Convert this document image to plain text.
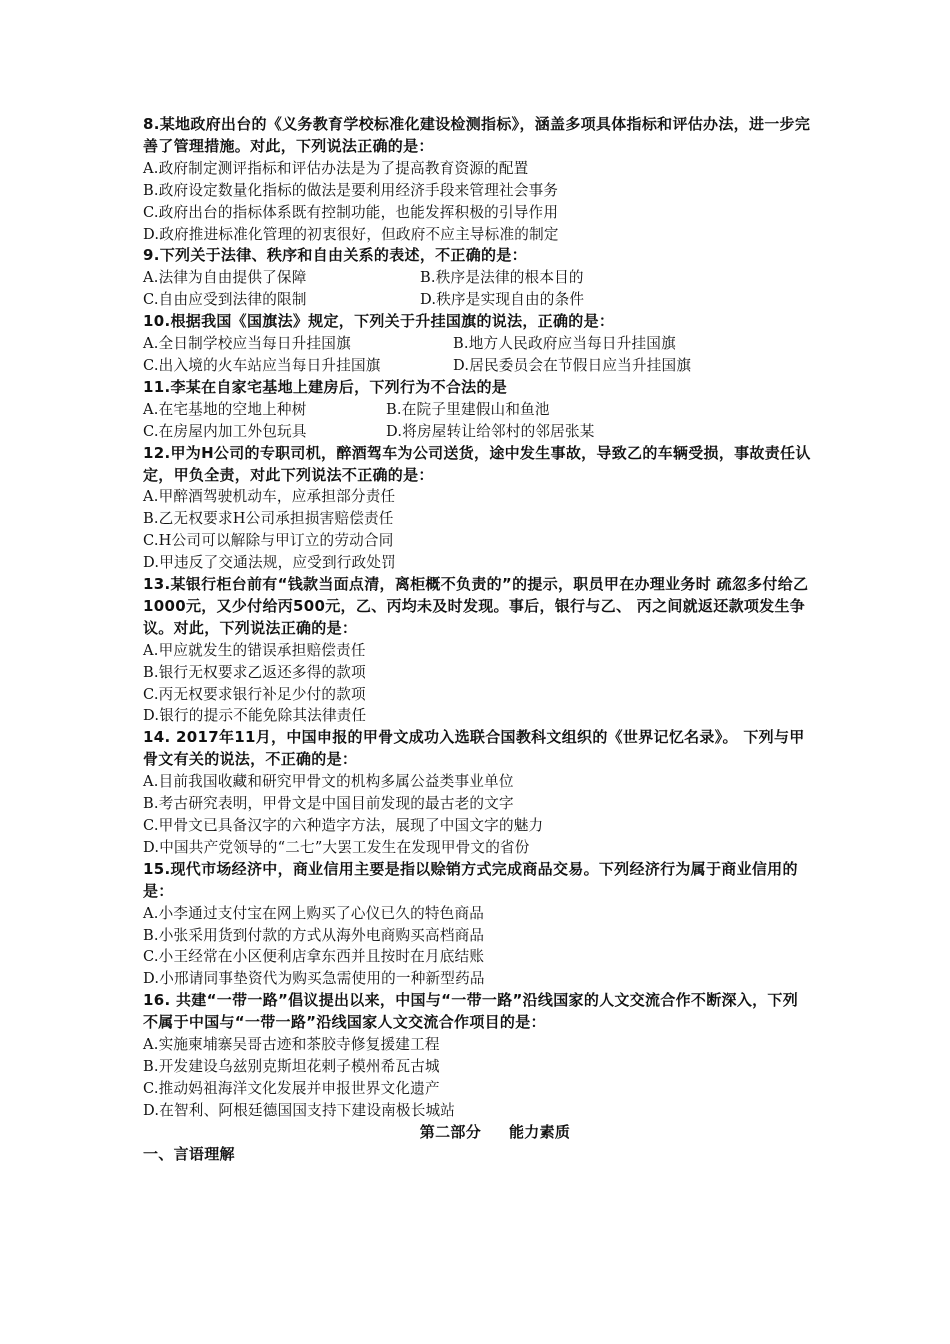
8.某地政府出台的《义务教育学校标准化建设检测指标》，涵盖多项具体指标和评估办法，进一步完善了管理措施。对此，下列说法正确的是：
A.政府制定测评指标和评估办法是为了提高教育资源的配置
B.政府设定数量化指标的做法是要利用经济手段来管理社会事务
C.政府出台的指标体系既有控制功能，也能发挥积极的引导作用
D.政府推进标准化管理的初衷很好，但政府不应主导标准的制定
9.下列关于法律、秩序和自由关系的表述，不正确的是：
A.法律为自由提供了保障	B.秩序是法律的根本目的
C.自由应受到法律的限制	D.秩序是实现自由的条件
10.根据我国《国旗法》规定，下列关于升挂国旗的说法，正确的是：
A.全日制学校应当每日升挂国旗	B.地方人民政府应当每日升挂国旗
C.出入境的火车站应当每日升挂国旗	D.居民委员会在节假日应当升挂国旗
11.李某在自家宅基地上建房后，下列行为不合法的是
A.在宅基地的空地上种树	B.在院子里建假山和鱼池
C.在房屋内加工外包玩具	D.将房屋转让给邻村的邻居张某
12.甲为H公司的专职司机，醉酒驾车为公司送货，途中发生事故，导致乙的车辆受损，事故责任认定，甲负全责，对此下列说法不正确的是：
A.甲醉酒驾驶机动车，应承担部分责任
B.乙无权要求H公司承担损害赔偿责任
C.H公司可以解除与甲订立的劳动合同
D.甲违反了交通法规，应受到行政处罚
13.某银行柜台前有“钱款当面点清，离柜概不负责的”的提示，职员甲在办理业务时 疏忽多付给乙1000元，又少付给丙500元，乙、丙均未及时发现。事后，银行与乙、 丙之间就返还款项发生争议。对此，下列说法正确的是：
A.甲应就发生的错误承担赔偿责任
B.银行无权要求乙返还多得的款项
C.丙无权要求银行补足少付的款项
D.银行的提示不能免除其法律责任
14. 2017年11月，中国申报的甲骨文成功入选联合国教科文组织的《世界记忆名录》。 下列与甲骨文有关的说法，不正确的是：
A.目前我国收藏和研究甲骨文的机构多属公益类事业单位
B.考古研究表明，甲骨文是中国目前发现的最古老的文字
C.甲骨文已具备汉字的六种造字方法，展现了中国文字的魅力
D.中国共产党领导的“二七”大罢工发生在发现甲骨文的省份
15.现代市场经济中，商业信用主要是指以赊销方式完成商品交易。下列经济行为属于商业信用的是：
A.小李通过支付宝在网上购买了心仪已久的特色商品
B.小张采用货到付款的方式从海外电商购买高档商品
C.小王经常在小区便利店拿东西并且按时在月底结账
D.小邢请同事垫资代为购买急需使用的一种新型药品
16. 共建“一带一路”倡议提出以来，中国与“一带一路”沿线国家的人文交流合作不断深入，下列不属于中国与“一带一路”沿线国家人文交流合作项目的是：
A.实施柬埔寨吴哥古迹和茶胶寺修复援建工程
B.开发建设乌兹别克斯坦花剌子模州希瓦古城
C.推动妈祖海洋文化发展并申报世界文化遗产
D.在智利、阿根廷德国国支持下建设南极长城站
第二部分 能力素质
一、言语理解
